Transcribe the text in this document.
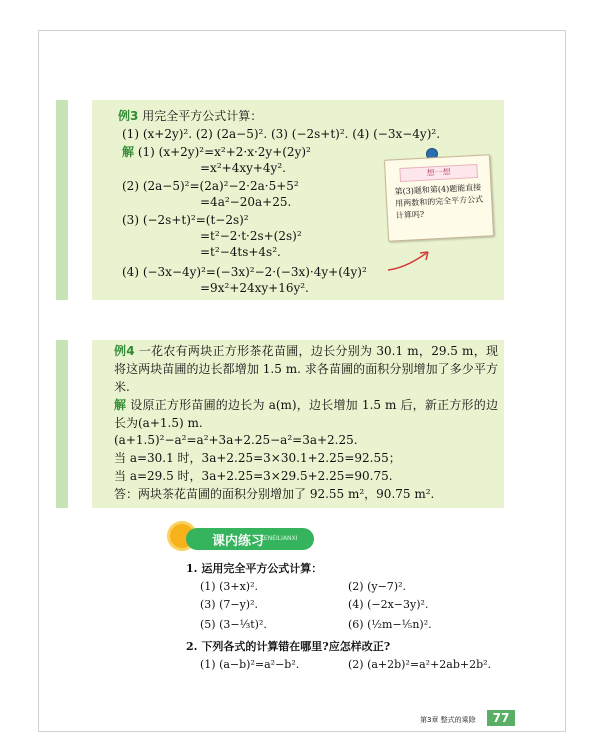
例3 用完全平方公式计算：
(1) (x+2y)². (2) (2a−5)². (3) (−2s+t)². (4) (−3x−4y)².
解 (1) (x+2y)²=x²+2·x·2y+(2y)²
=x²+4xy+4y².
(2) (2a−5)²=(2a)²−2·2a·5+5²
=4a²−20a+25.
(3) (−2s+t)²=(t−2s)²
=t²−2·t·2s+(2s)²
=t²−4ts+4s².
(4) (−3x−4y)²=(−3x)²−2·(−3x)·4y+(4y)²
=9x²+24xy+16y².
想一想
第(3)题和第(4)题能直接用两数和的完全平方公式计算吗?
例4 一花农有两块正方形茶花苗圃，边长分别为 30.1 m，29.5 m，现将这两块苗圃的边长都增加 1.5 m. 求各苗圃的面积分别增加了多少平方米.
解 设原正方形苗圃的边长为 a(m)，边长增加 1.5 m 后，新正方形的边长为(a+1.5) m.
(a+1.5)²−a²=a²+3a+2.25−a²=3a+2.25.
当 a=30.1 时，3a+2.25=3×30.1+2.25=92.55；
当 a=29.5 时，3a+2.25=3×29.5+2.25=90.75.
答：两块茶花苗圃的面积分别增加了 92.55 m²，90.75 m².
课内练习
KENEILIANXI
1. 运用完全平方公式计算：
(1) (3+x)².	(2) (y−7)².
(3) (7−y)².	(4) (−2x−3y)².
(5) (3−⅓t)².	(6) (½m−⅕n)².
2. 下列各式的计算错在哪里?应怎样改正?
(1) (a−b)²=a²−b².	(2) (a+2b)²=a²+2ab+2b².
第3章 整式的乘除	77
